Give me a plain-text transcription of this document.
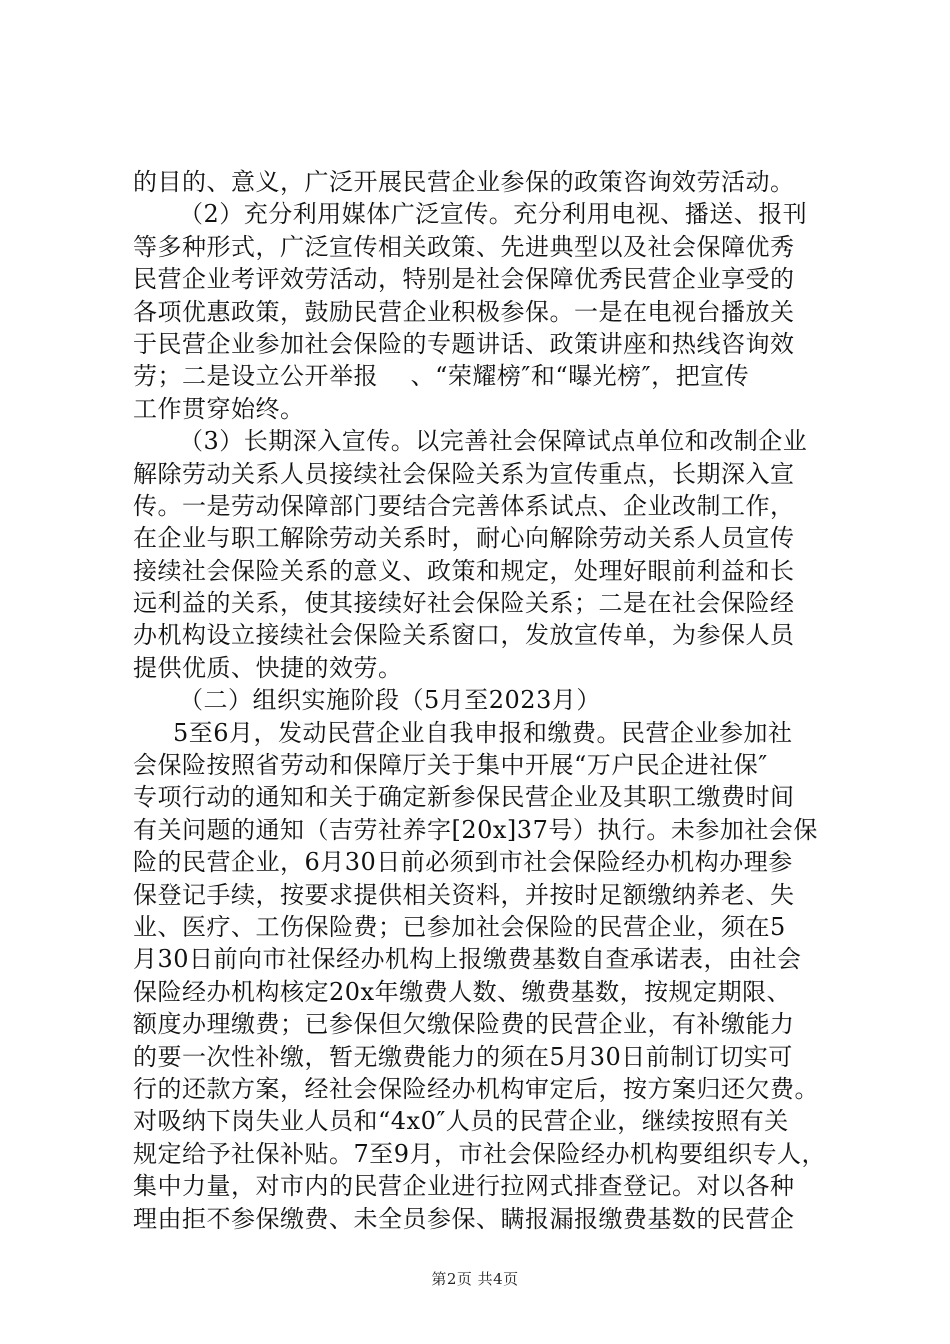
的目的、意义，广泛开展民营企业参保的政策咨询效劳活动。
（2）充分利用媒体广泛宣传。充分利用电视、播送、报刊
等多种形式，广泛宣传相关政策、先进典型以及社会保障优秀
民营企业考评效劳活动，特别是社会保障优秀民营企业享受的
各项优惠政策，鼓励民营企业积极参保。一是在电视台播放关
于民营企业参加社会保险的专题讲话、政策讲座和热线咨询效
劳；二是设立公开举报　 、“荣耀榜″和“曝光榜″，把宣传
工作贯穿始终。
（3）长期深入宣传。以完善社会保障试点单位和改制企业
解除劳动关系人员接续社会保险关系为宣传重点，长期深入宣
传。一是劳动保障部门要结合完善体系试点、企业改制工作，
在企业与职工解除劳动关系时，耐心向解除劳动关系人员宣传
接续社会保险关系的意义、政策和规定，处理好眼前利益和长
远利益的关系，使其接续好社会保险关系；二是在社会保险经
办机构设立接续社会保险关系窗口，发放宣传单，为参保人员
提供优质、快捷的效劳。
（二）组织实施阶段（5月至2023月）
5至6月，发动民营企业自我申报和缴费。民营企业参加社
会保险按照省劳动和保障厅关于集中开展“万户民企进社保″
专项行动的通知和关于确定新参保民营企业及其职工缴费时间
有关问题的通知（吉劳社养字[20x]37号）执行。未参加社会保
险的民营企业，6月30日前必须到市社会保险经办机构办理参
保登记手续，按要求提供相关资料，并按时足额缴纳养老、失
业、医疗、工伤保险费；已参加社会保险的民营企业，须在5
月30日前向市社保经办机构上报缴费基数自查承诺表，由社会
保险经办机构核定20x年缴费人数、缴费基数，按规定期限、
额度办理缴费；已参保但欠缴保险费的民营企业，有补缴能力
的要一次性补缴，暂无缴费能力的须在5月30日前制订切实可
行的还款方案，经社会保险经办机构审定后，按方案归还欠费。
对吸纳下岗失业人员和“4x0″人员的民营企业，继续按照有关
规定给予社保补贴。7至9月，市社会保险经办机构要组织专人，
集中力量，对市内的民营企业进行拉网式排查登记。对以各种
理由拒不参保缴费、未全员参保、瞒报漏报缴费基数的民营企
第2页 共4页
